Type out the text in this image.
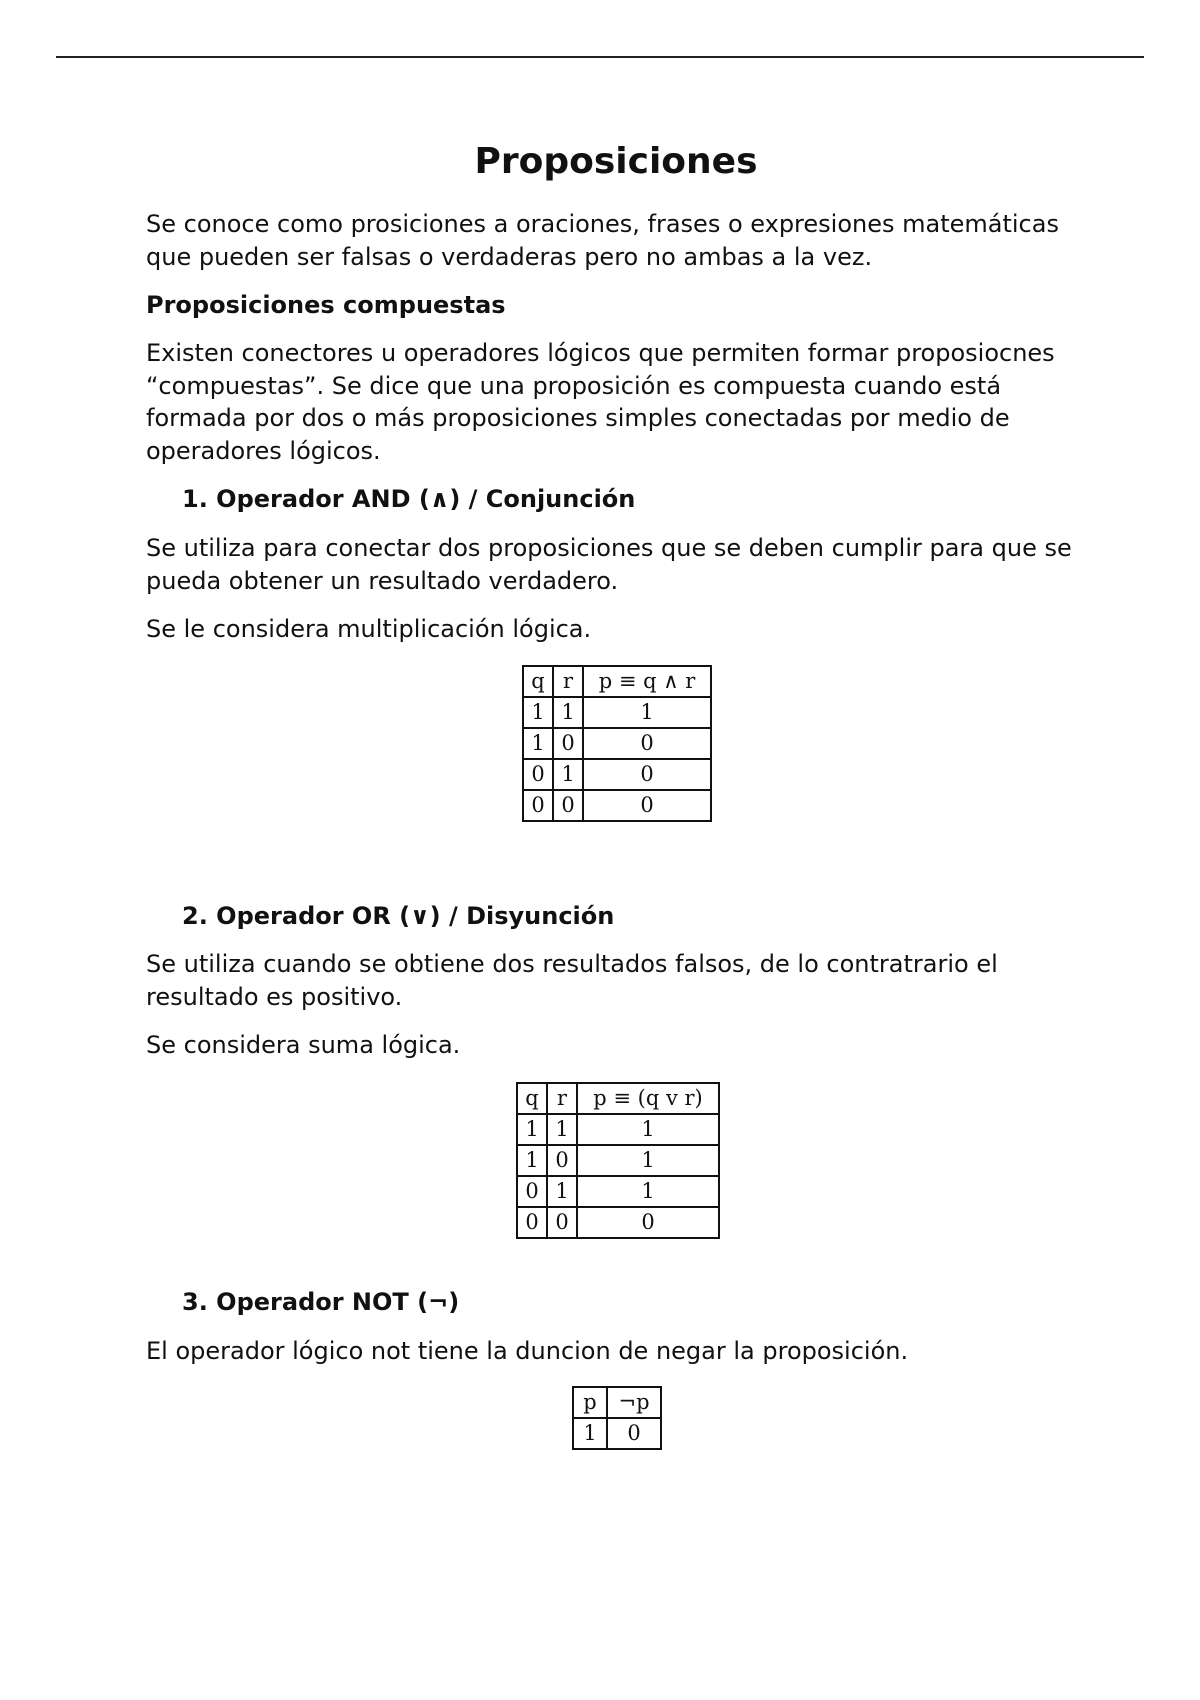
Proposiciones

Se conoce como prosiciones a oraciones, frases o expresiones matemáticas que pueden ser falsas o verdaderas pero no ambas a la vez.

Proposiciones compuestas

Existen conectores u operadores lógicos que permiten formar proposiocnes “compuestas”. Se dice que una proposición es compuesta cuando está formada por dos o más proposiciones simples conectadas por medio de operadores lógicos.

1. Operador AND (∧) / Conjunción

Se utiliza para conectar dos proposiciones que se deben cumplir para que se pueda obtener un resultado verdadero.

Se le considera multiplicación lógica.

q	r	p ≡ q ∧ r
1	1	1
1	0	0
0	1	0
0	0	0
2. Operador OR (∨) / Disyunción

Se utiliza cuando se obtiene dos resultados falsos, de lo contratrario el resultado es positivo.

Se considera suma lógica.

q	r	p ≡ (q v r)
1	1	1
1	0	1
0	1	1
0	0	0
3. Operador NOT (¬)

El operador lógico not tiene la duncion de negar la proposición.

p	¬p
1	0
